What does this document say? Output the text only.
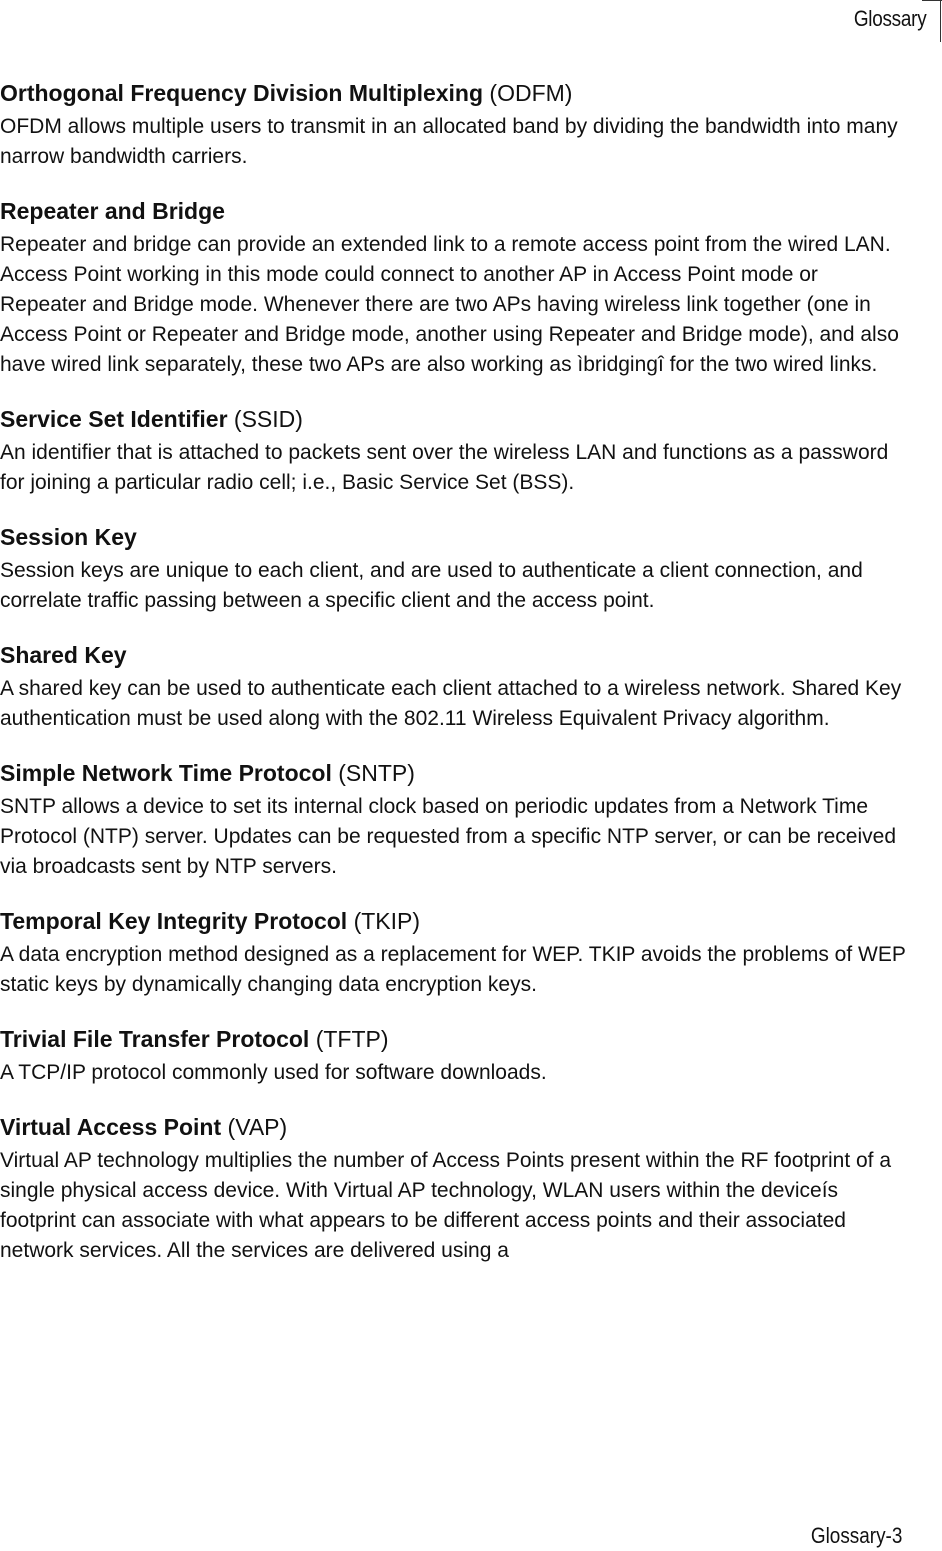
Glossary
Orthogonal Frequency Division Multiplexing (ODFM)

OFDM allows multiple users to transmit in an allocated band by dividing the bandwidth into many narrow bandwidth carriers.

Repeater and Bridge

Repeater and bridge can provide an extended link to a remote access point from the wired LAN. Access Point working in this mode could connect to another AP in Access Point mode or Repeater and Bridge mode. Whenever there are two APs having wireless link together (one in Access Point or Repeater and Bridge mode, another using Repeater and Bridge mode), and also have wired link separately, these two APs are also working as ìbridgingî for the two wired links.

Service Set Identifier (SSID)

An identifier that is attached to packets sent over the wireless LAN and functions as a password for joining a particular radio cell; i.e., Basic Service Set (BSS).

Session Key

Session keys are unique to each client, and are used to authenticate a client connection, and correlate traffic passing between a specific client and the access point.

Shared Key

A shared key can be used to authenticate each client attached to a wireless network. Shared Key authentication must be used along with the 802.11 Wireless Equivalent Privacy algorithm.

Simple Network Time Protocol (SNTP)

SNTP allows a device to set its internal clock based on periodic updates from a Network Time Protocol (NTP) server. Updates can be requested from a specific NTP server, or can be received via broadcasts sent by NTP servers.

Temporal Key Integrity Protocol (TKIP)

A data encryption method designed as a replacement for WEP. TKIP avoids the problems of WEP static keys by dynamically changing data encryption keys.

Trivial File Transfer Protocol (TFTP)

A TCP/IP protocol commonly used for software downloads.

Virtual Access Point (VAP)

Virtual AP technology multiplies the number of Access Points present within the RF footprint of a single physical access device. With Virtual AP technology, WLAN users within the deviceís footprint can associate with what appears to be different access points and their associated network services. All the services are delivered using a

Glossary-3
